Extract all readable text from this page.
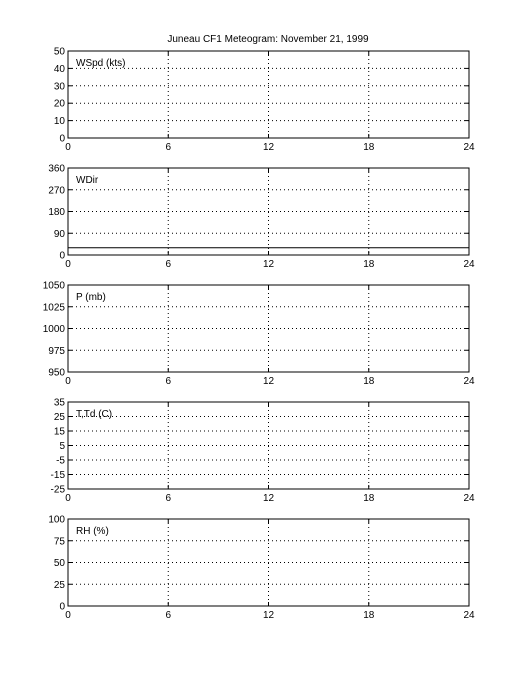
Juneau CF1 Meteogram: November 21, 1999
0	6	12	18	24
0
10
20
30
40
50
WSpd (kts)
0	6	12	18	24
0
90
180
270
360
WDir
0	6	12	18	24
950
975
1000
1025
1050
P (mb)
0	6	12	18	24
-25
-15
-5
5
15
25
35
T,Td (C)
0	6	12	18	24
0
25
50
75
100
RH (%)
